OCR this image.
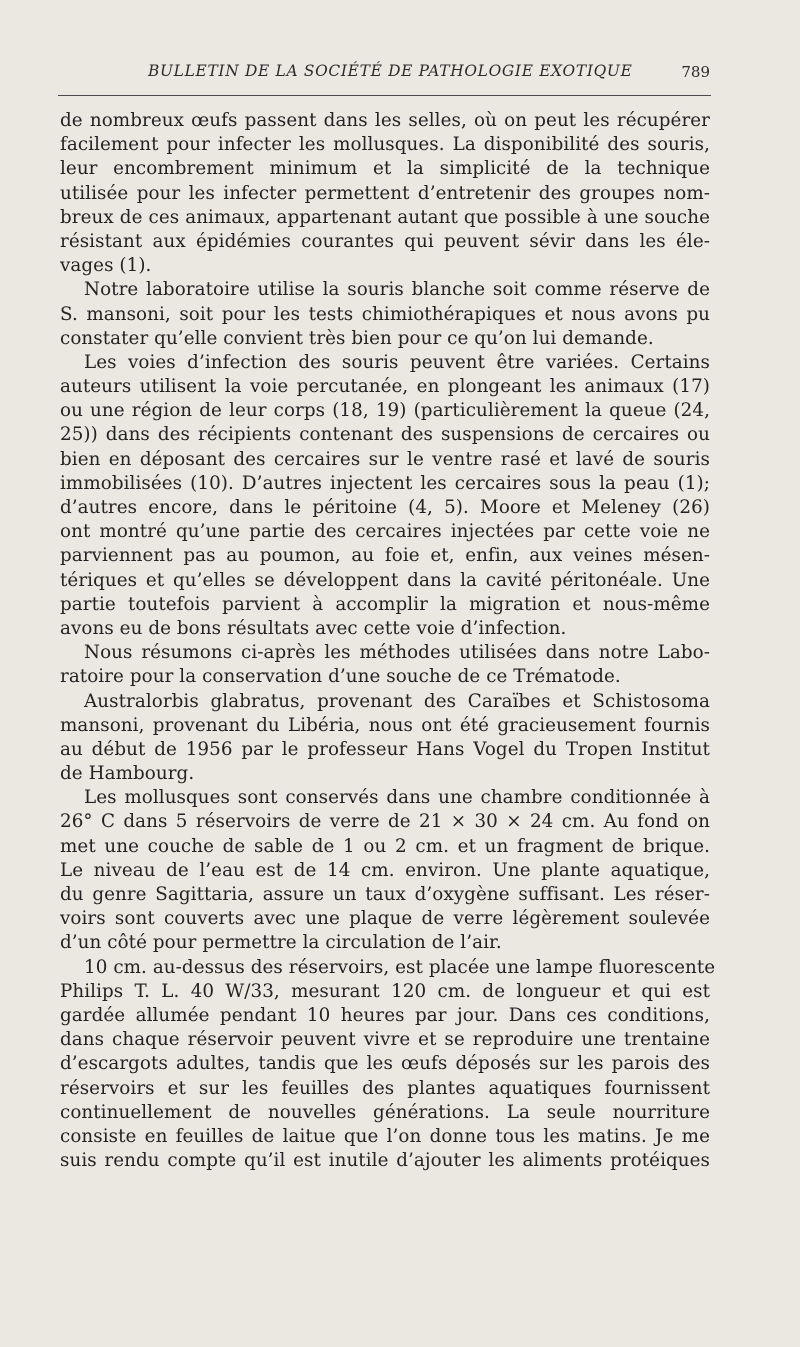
BULLETIN DE LA SOCIÉTÉ DE PATHOLOGIE EXOTIQUE	789
de nombreux œufs passent dans les selles, où on peut les récupérer
facilement pour infecter les mollusques. La disponibilité des souris,
leur encombrement minimum et la simplicité de la technique
utilisée pour les infecter permettent d’entretenir des groupes nom-
breux de ces animaux, appartenant autant que possible à une souche
résistant aux épidémies courantes qui peuvent sévir dans les éle-
vages (1).
Notre laboratoire utilise la souris blanche soit comme réserve de
S. mansoni, soit pour les tests chimiothérapiques et nous avons pu
constater qu’elle convient très bien pour ce qu’on lui demande.
Les voies d’infection des souris peuvent être variées. Certains
auteurs utilisent la voie percutanée, en plongeant les animaux (17)
ou une région de leur corps (18, 19) (particulièrement la queue (24,
25)) dans des récipients contenant des suspensions de cercaires ou
bien en déposant des cercaires sur le ventre rasé et lavé de souris
immobilisées (10). D’autres injectent les cercaires sous la peau (1);
d’autres encore, dans le péritoine (4, 5). Moore et Meleney (26)
ont montré qu’une partie des cercaires injectées par cette voie ne
parviennent pas au poumon, au foie et, enfin, aux veines mésen-
tériques et qu’elles se développent dans la cavité péritonéale. Une
partie toutefois parvient à accomplir la migration et nous-même
avons eu de bons résultats avec cette voie d’infection.
Nous résumons ci-après les méthodes utilisées dans notre Labo-
ratoire pour la conservation d’une souche de ce Trématode.
Australorbis glabratus, provenant des Caraïbes et Schistosoma
mansoni, provenant du Libéria, nous ont été gracieusement fournis
au début de 1956 par le professeur Hans Vogel du Tropen Institut
de Hambourg.
Les mollusques sont conservés dans une chambre conditionnée à
26° C dans 5 réservoirs de verre de 21 × 30 × 24 cm. Au fond on
met une couche de sable de 1 ou 2 cm. et un fragment de brique.
Le niveau de l’eau est de 14 cm. environ. Une plante aquatique,
du genre Sagittaria, assure un taux d’oxygène suffisant. Les réser-
voirs sont couverts avec une plaque de verre légèrement soulevée
d’un côté pour permettre la circulation de l’air.
10 cm. au-dessus des réservoirs, est placée une lampe fluorescente
Philips T. L. 40 W/33, mesurant 120 cm. de longueur et qui est
gardée allumée pendant 10 heures par jour. Dans ces conditions,
dans chaque réservoir peuvent vivre et se reproduire une trentaine
d’escargots adultes, tandis que les œufs déposés sur les parois des
réservoirs et sur les feuilles des plantes aquatiques fournissent
continuellement de nouvelles générations. La seule nourriture
consiste en feuilles de laitue que l’on donne tous les matins. Je me
suis rendu compte qu’il est inutile d’ajouter les aliments protéiques
